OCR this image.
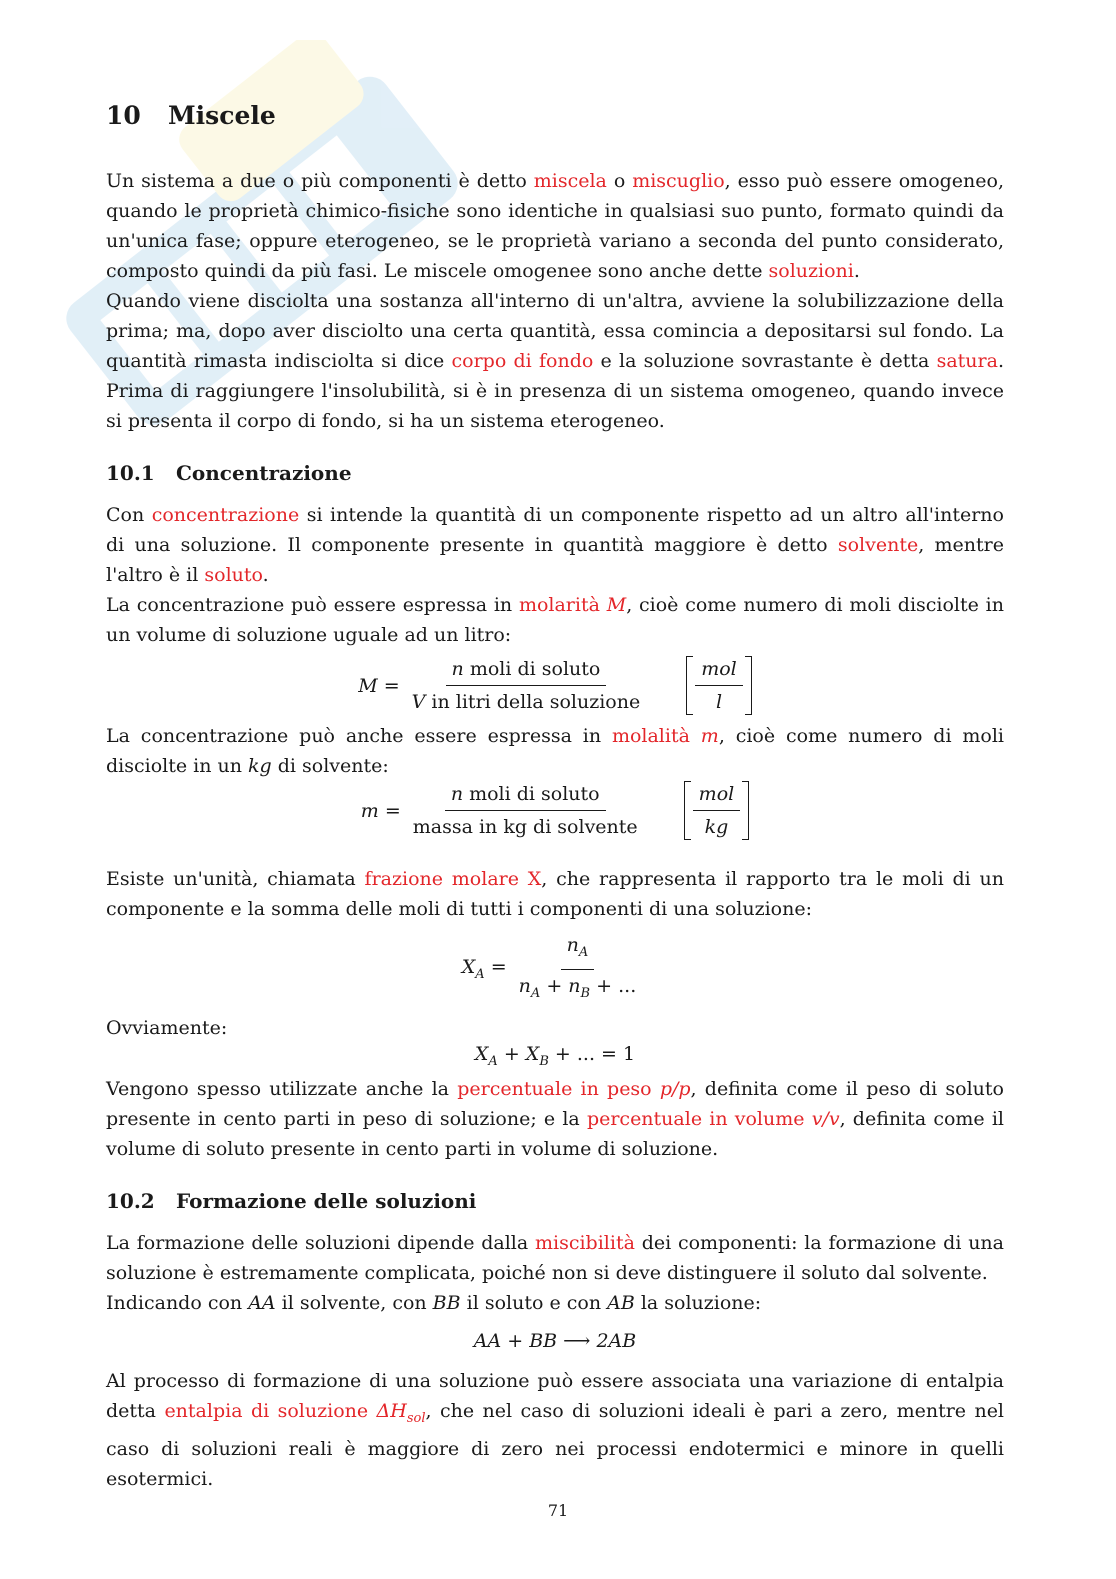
10 Miscele

Un sistema a due o più componenti è detto miscela o miscuglio, esso può essere omogeneo, quando le proprietà chimico-fisiche sono identiche in qualsiasi suo punto, formato quindi da un'unica fase; oppure eterogeneo, se le proprietà variano a seconda del punto considerato, composto quindi da più fasi. Le miscele omogenee sono anche dette soluzioni.

Quando viene disciolta una sostanza all'interno di un'altra, avviene la solubilizzazione della prima; ma, dopo aver disciolto una certa quantità, essa comincia a depositarsi sul fondo. La quantità rimasta indisciolta si dice corpo di fondo e la soluzione sovrastante è detta satura. Prima di raggiungere l'insolubilità, si è in presenza di un sistema omogeneo, quando invece si presenta il corpo di fondo, si ha un sistema eterogeneo.

10.1 Concentrazione

Con concentrazione si intende la quantità di un componente rispetto ad un altro all'interno di una soluzione. Il componente presente in quantità maggiore è detto solvente, mentre l'altro è il soluto.

La concentrazione può essere espressa in molarità M, cioè come numero di moli disciolte in un volume di soluzione uguale ad un litro:

$M = \frac{\text{n moli di soluto}}{\text{V in litri della soluzione}}$	$\frac{\text{mol}}{l}$

La concentrazione può anche essere espressa in molalità m, cioè come numero di moli disciolte in un kg di solvente:

$m = \frac{\text{n moli di soluto}}{\text{massa in kg di solvente}}$	$\frac{\text{mol}}{kg}$

Esiste un'unità, chiamata frazione molare X, che rappresenta il rapporto tra le moli di un componente e la somma delle moli di tutti i componenti di una soluzione:

$X_A = \frac{n_A}{n_A + n_B + ...}$

Ovviamente:

$X_A + X_B$ + ... = 1

Vengono spesso utilizzate anche la percentuale in peso p/p, definita come il peso di soluto presente in cento parti in peso di soluzione; e la percentuale in volume v/v, definita come il volume di soluto presente in cento parti in volume di soluzione.

10.2 Formazione delle soluzioni

La formazione delle soluzioni dipende dalla miscibilità dei componenti: la formazione di una soluzione è estremamente complicata, poiché non si deve distinguere il soluto dal solvente.

Indicando con AA il solvente, con BB il soluto e con AB la soluzione:

AA + BB ⟶ 2AB

Al processo di formazione di una soluzione può essere associata una variazione di entalpia detta entalpia di soluzione $\Delta H_{sol}$, che nel caso di soluzioni ideali è pari a zero, mentre nel caso di soluzioni reali è maggiore di zero nei processi endotermici e minore in quelli esotermici.

71
